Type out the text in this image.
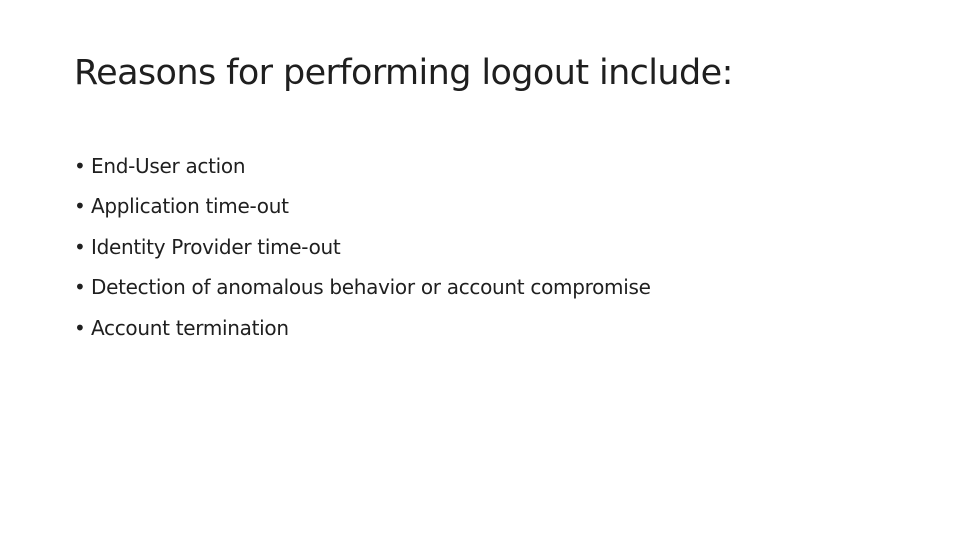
Reasons for performing logout include:
• End-User action
• Application time-out
• Identity Provider time-out
• Detection of anomalous behavior or account compromise
• Account termination
